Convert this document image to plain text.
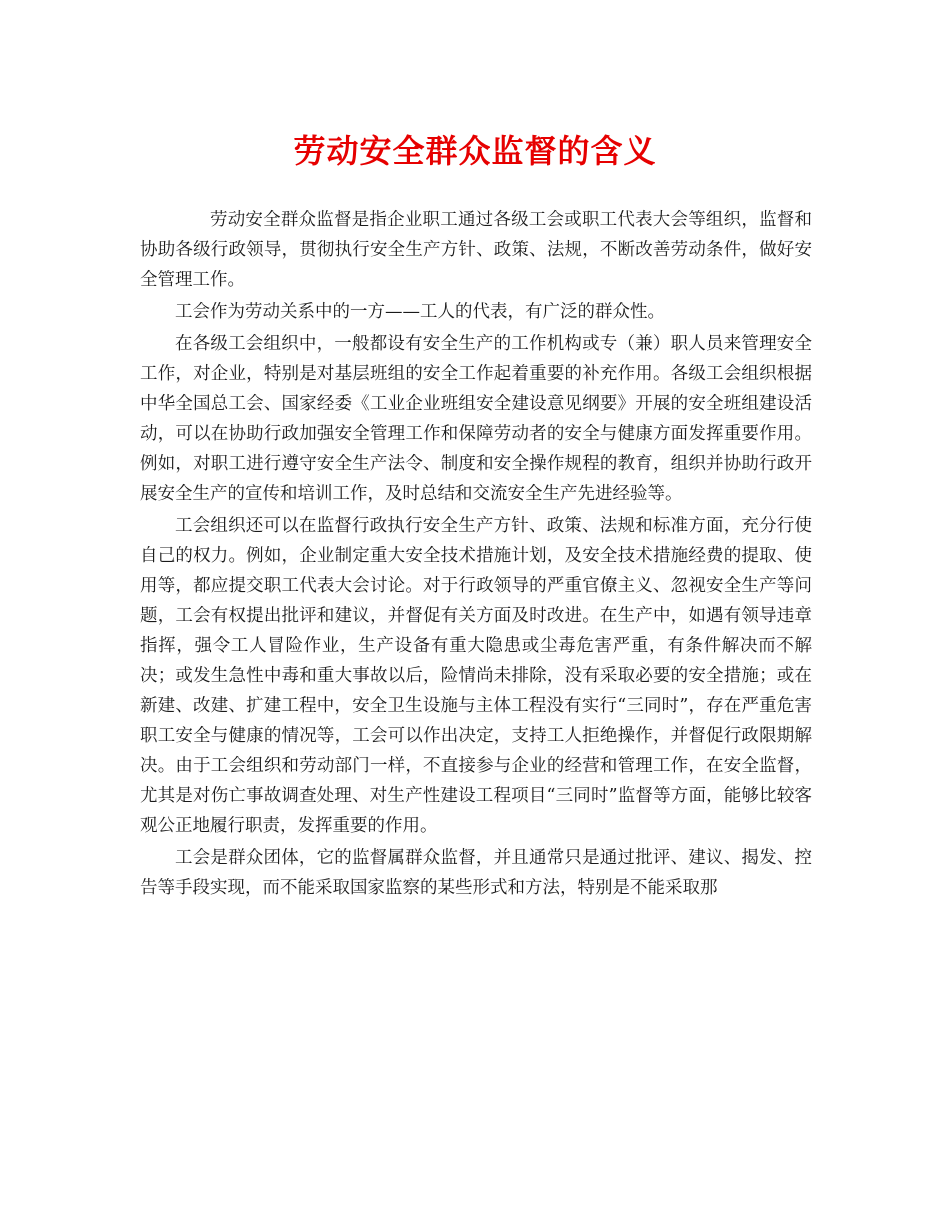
劳动安全群众监督的含义

劳动安全群众监督是指企业职工通过各级工会或职工代表大会等组织，监督和协助各级行政领导，贯彻执行安全生产方针、政策、法规，不断改善劳动条件，做好安全管理工作。

工会作为劳动关系中的一方——工人的代表，有广泛的群众性。

在各级工会组织中，一般都设有安全生产的工作机构或专（兼）职人员来管理安全工作，对企业，特别是对基层班组的安全工作起着重要的补充作用。各级工会组织根据中华全国总工会、国家经委《工业企业班组安全建设意见纲要》开展的安全班组建设活动，可以在协助行政加强安全管理工作和保障劳动者的安全与健康方面发挥重要作用。例如，对职工进行遵守安全生产法令、制度和安全操作规程的教育，组织并协助行政开展安全生产的宣传和培训工作，及时总结和交流安全生产先进经验等。

工会组织还可以在监督行政执行安全生产方针、政策、法规和标准方面，充分行使自己的权力。例如，企业制定重大安全技术措施计划，及安全技术措施经费的提取、使用等，都应提交职工代表大会讨论。对于行政领导的严重官僚主义、忽视安全生产等问题，工会有权提出批评和建议，并督促有关方面及时改进。在生产中，如遇有领导违章指挥，强令工人冒险作业，生产设备有重大隐患或尘毒危害严重，有条件解决而不解决；或发生急性中毒和重大事故以后，险情尚未排除，没有采取必要的安全措施；或在新建、改建、扩建工程中，安全卫生设施与主体工程没有实行“三同时”，存在严重危害职工安全与健康的情况等，工会可以作出决定，支持工人拒绝操作，并督促行政限期解决。由于工会组织和劳动部门一样，不直接参与企业的经营和管理工作，在安全监督，尤其是对伤亡事故调查处理、对生产性建设工程项目“三同时”监督等方面，能够比较客观公正地履行职责，发挥重要的作用。

工会是群众团体，它的监督属群众监督，并且通常只是通过批评、建议、揭发、控告等手段实现，而不能采取国家监察的某些形式和方法，特别是不能采取那
